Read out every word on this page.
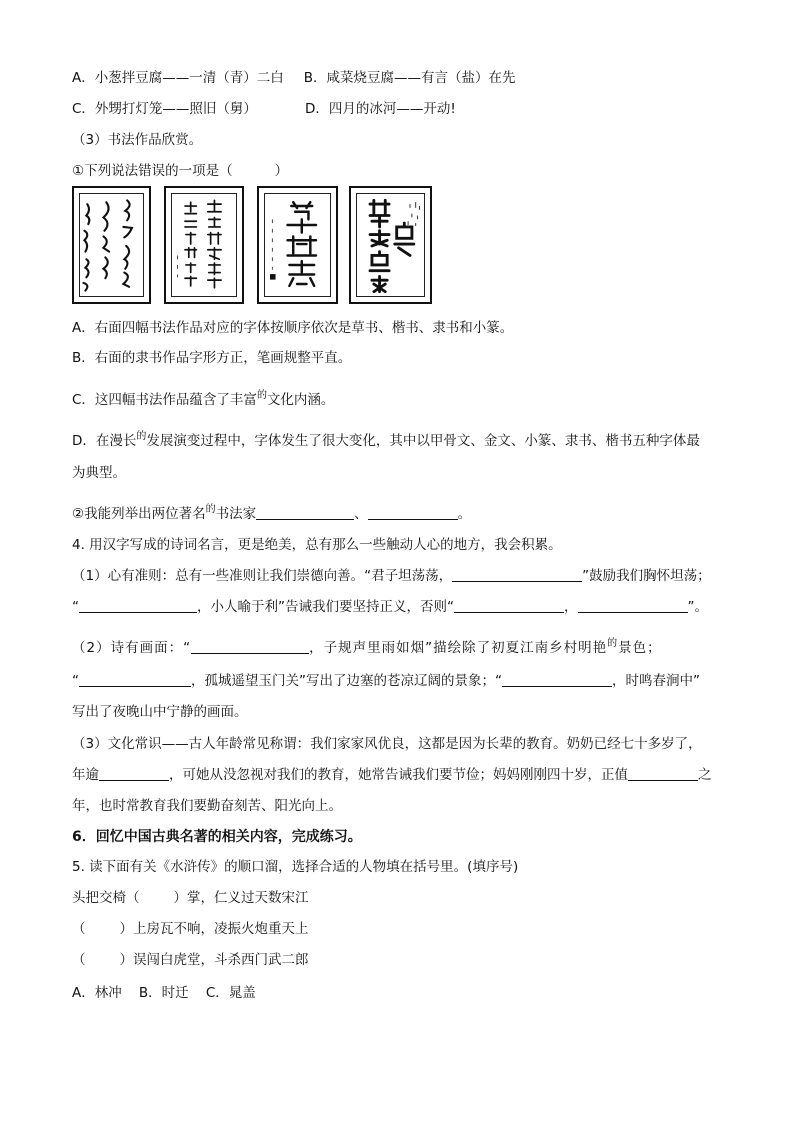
A．小葱拌豆腐——一清（青）二白 B．咸菜烧豆腐——有言（盐）在先
C．外甥打灯笼——照旧（舅）	D．四月的冰河——开动!
（3）书法作品欣赏。
①下列说法错误的一项是（	）
A．右面四幅书法作品对应的字体按顺序依次是草书、楷书、隶书和小篆。
B．右面的隶书作品字形方正，笔画规整平直。
C．这四幅书法作品蕴含了丰富$^的$文化内涵。
D．在漫长$^的$发展演变过程中，字体发生了很大变化，其中以甲骨文、金文、小篆、隶书、楷书五种字体最
为典型。
②我能列举出两位著名$^的$书法家	、	。
4. 用汉字写成的诗词名言，更是绝美，总有那么一些触动人心的地方，我会积累。
（1）心有准则：总有一些准则让我们崇德向善。“君子坦荡荡，	”鼓励我们胸怀坦荡；
“	，小人喻于利”告诫我们要坚持正义，否则“	，	”。
（2）诗有画面：“	，子规声里雨如烟”描绘除了初夏江南乡村明艳$^的$景色；
“	，孤城遥望玉门关”写出了边塞的苍凉辽阔的景象；“	，时鸣春涧中”
写出了夜晚山中宁静的画面。
（3）文化常识——古人年龄常见称谓：我们家家风优良，这都是因为长辈的教育。奶奶已经七十多岁了，
年逾	，可她从没忽视对我们的教育，她常告诫我们要节俭；妈妈刚刚四十岁，正值	之
年，也时常教育我们要勤奋刻苦、阳光向上。
6．回忆中国古典名著的相关内容，完成练习。
5. 读下面有关《水浒传》的顺口溜，选择合适的人物填在括号里。(填序号)
头把交椅（	）掌，仁义过天数宋江
（	）上房瓦不响，凌振火炮重天上
（	）误闯白虎堂，斗杀西门武二郎
A．林冲    B．时迁    C．晁盖
